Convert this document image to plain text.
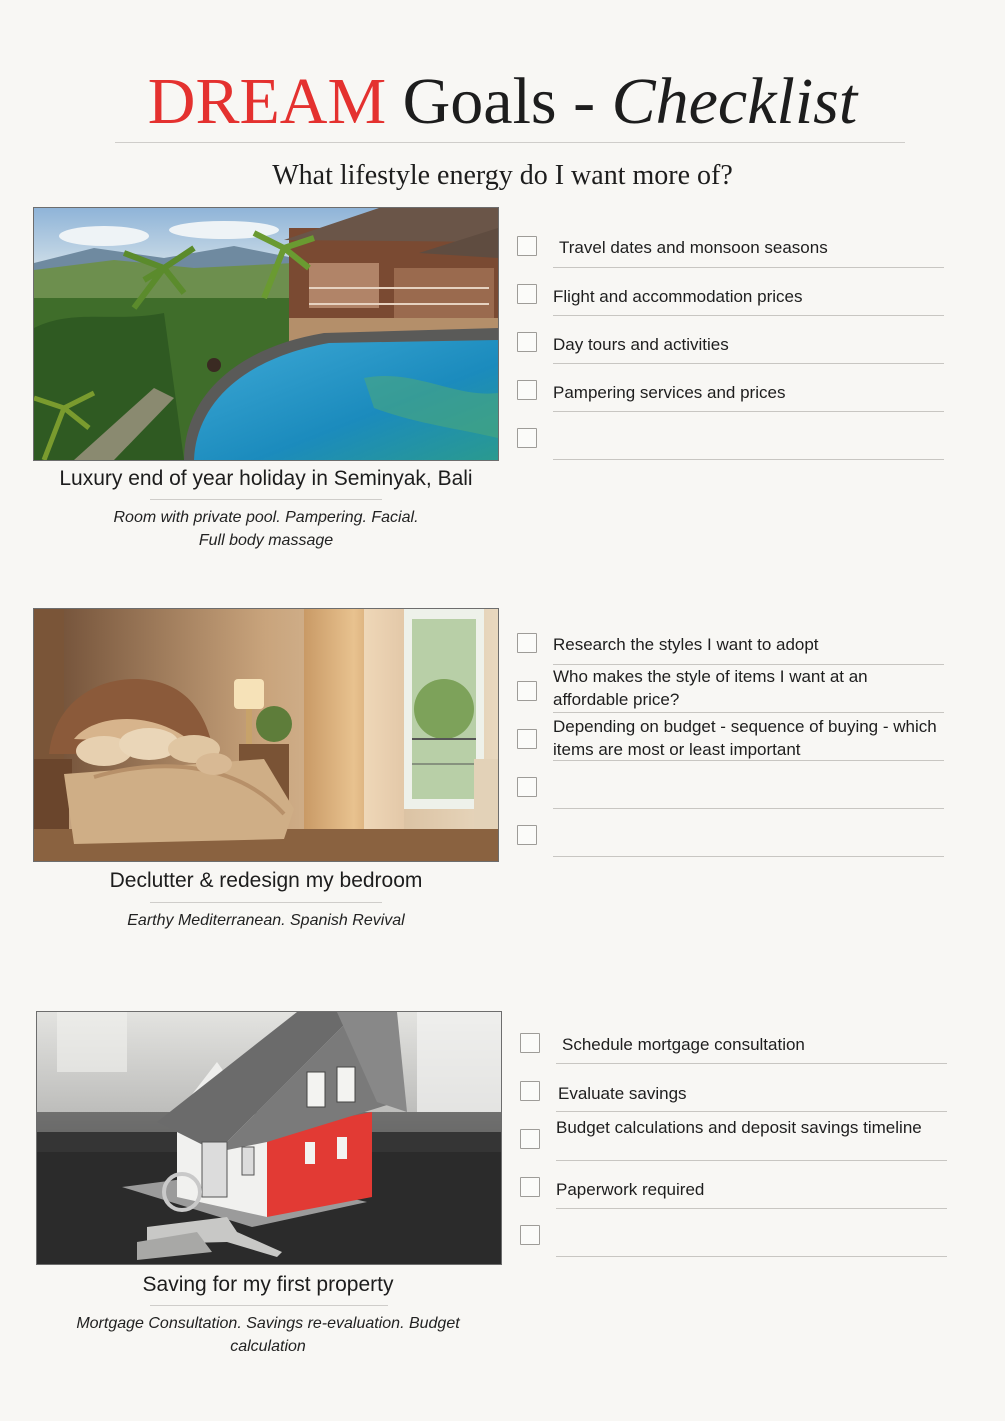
DREAM Goals - Checklist
What lifestyle energy do I want more of?
Luxury end of year holiday in Seminyak, Bali
Room with private pool. Pampering. Facial.
Full body massage
Travel dates and monsoon seasons
Flight and accommodation prices
Day tours and activities
Pampering services and prices
Declutter & redesign my bedroom
Earthy Mediterranean. Spanish Revival
Research the styles I want to adopt
Who makes the style of items I want at an affordable price?
Depending on budget - sequence of buying - which items are most or least important
Saving for my first property
Mortgage Consultation. Savings re-evaluation. Budget
calculation
Schedule mortgage consultation
Evaluate savings
Budget calculations and deposit savings timeline
Paperwork required
